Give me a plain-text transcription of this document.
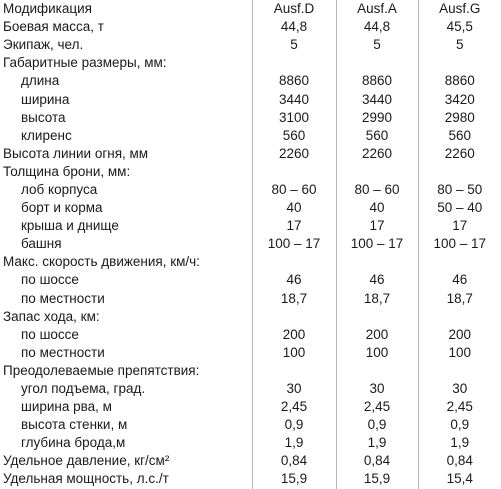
Модификация	Ausf.D	Ausf.A	Ausf.G
Боевая масса, т	44,8	44,8	45,5
Экипаж, чел.	5	5	5
Габаритные размеры, мм:			
длина	8860	8860	8860
ширина	3440	3440	3420
высота	3100	2990	2980
клиренс	560	560	560
Высота линии огня, мм	2260	2260	2260
Толщина брони, мм:			
лоб корпуса	80 – 60	80 – 60	80 – 50
борт и корма	40	40	50 – 40
крыша и днище	17	17	17
башня	100 – 17	100 – 17	100 – 17
Макс. скорость движения, км/ч:			
по шоссе	46	46	46
по местности	18,7	18,7	18,7
Запас хода, км:			
по шоссе	200	200	200
по местности	100	100	100
Преодолеваемые препятствия:			
угол подъема, град.	30	30	30
ширина рва, м	2,45	2,45	2,45
высота стенки, м	0,9	0,9	0,9
глубина брода,м	1,9	1,9	1,9
Удельное давление, кг/см²	0,84	0,84	0,84
Удельная мощность, л.с./т	15,9	15,9	15,4
